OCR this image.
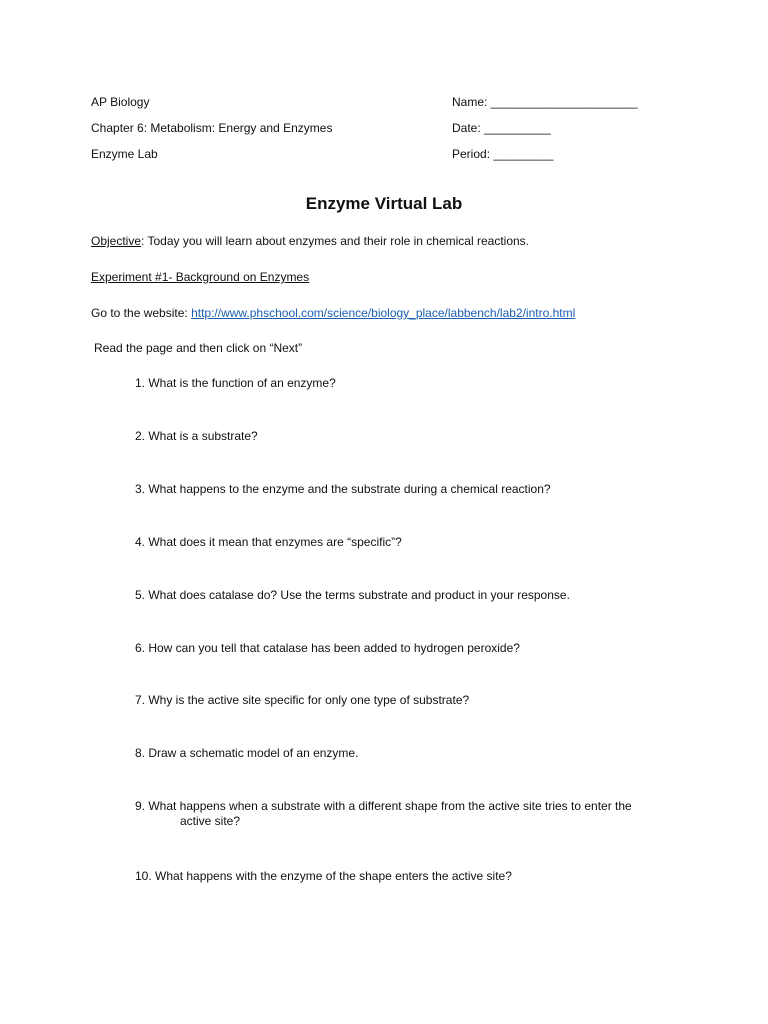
AP Biology
Chapter 6: Metabolism: Energy and Enzymes
Enzyme Lab
Name: ______________________
Date: __________
Period: _________
Enzyme Virtual Lab
Objective: Today you will learn about enzymes and their role in chemical reactions.
Experiment #1- Background on Enzymes
Go to the website: http://www.phschool.com/science/biology_place/labbench/lab2/intro.html
Read the page and then click on “Next”
1. What is the function of an enzyme?
2. What is a substrate?
3. What happens to the enzyme and the substrate during a chemical reaction?
4. What does it mean that enzymes are “specific”?
5. What does catalase do? Use the terms substrate and product in your response.
6. How can you tell that catalase has been added to hydrogen peroxide?
7. Why is the active site specific for only one type of substrate?
8. Draw a schematic model of an enzyme.
9. What happens when a substrate with a different shape from the active site tries to enter the
active site?
10. What happens with the enzyme of the shape enters the active site?
